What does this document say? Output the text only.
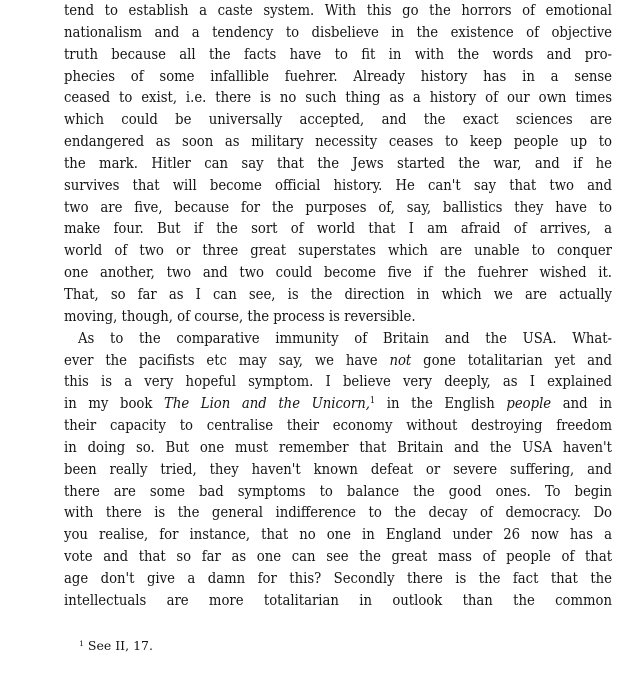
tend to establish a caste system. With this go the horrors of emotional
nationalism and a tendency to disbelieve in the existence of objective
truth because all the facts have to fit in with the words and pro-
phecies of some infallible fuehrer. Already history has in a sense
ceased to exist, i.e. there is no such thing as a history of our own times
which could be universally accepted, and the exact sciences are
endangered as soon as military necessity ceases to keep people up to
the mark. Hitler can say that the Jews started the war, and if he
survives that will become official history. He can't say that two and
two are five, because for the purposes of, say, ballistics they have to
make four. But if the sort of world that I am afraid of arrives, a
world of two or three great superstates which are unable to conquer
one another, two and two could become five if the fuehrer wished it.
That, so far as I can see, is the direction in which we are actually
moving, though, of course, the process is reversible.
As to the comparative immunity of Britain and the USA. What-
ever the pacifists etc may say, we have not gone totalitarian yet and
this is a very hopeful symptom. I believe very deeply, as I explained
in my book The Lion and the Unicorn,$^1$ in the English people and in
their capacity to centralise their economy without destroying freedom
in doing so. But one must remember that Britain and the USA haven't
been really tried, they haven't known defeat or severe suffering, and
there are some bad symptoms to balance the good ones. To begin
with there is the general indifference to the decay of democracy. Do
you realise, for instance, that no one in England under 26 now has a
vote and that so far as one can see the great mass of people of that
age don't give a damn for this? Secondly there is the fact that the
intellectuals are more totalitarian in outlook than the common
$^1$ See II, 17.
